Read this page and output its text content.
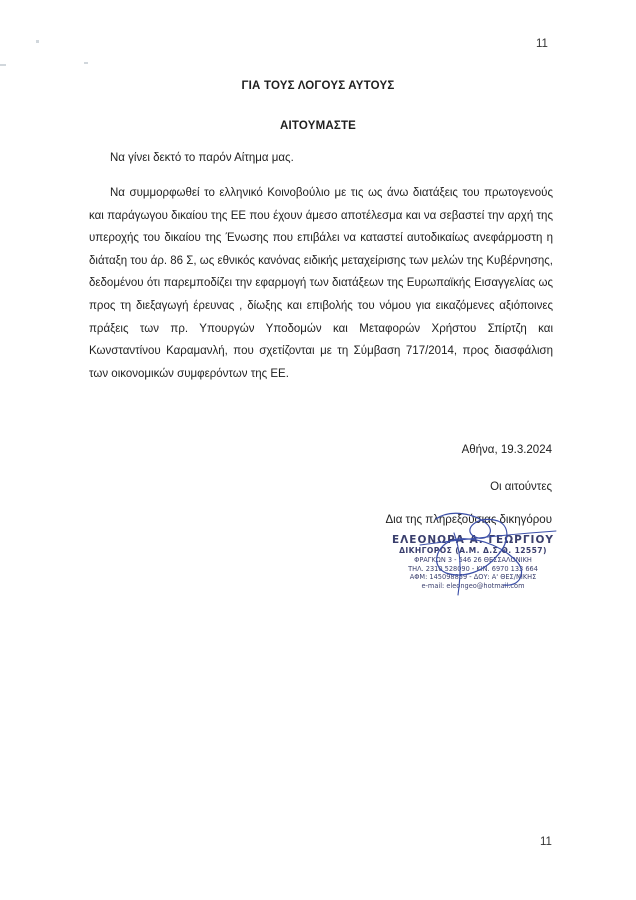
11
ΓΙΑ ΤΟΥΣ ΛΟΓΟΥΣ ΑΥΤΟΥΣ
ΑΙΤΟΥΜΑΣΤΕ
Να γίνει δεκτό το παρόν Αίτημα μας.
Να συμμορφωθεί το ελληνικό Κοινοβούλιο με τις ως άνω διατάξεις του πρωτογενούς και παράγωγου δικαίου της ΕΕ που έχουν άμεσο αποτέλεσμα και να σεβαστεί την αρχή της υπεροχής του δικαίου της Ένωσης που επιβάλει να καταστεί αυτοδικαίως ανεφάρμοστη η διάταξη του άρ. 86 Σ, ως εθνικός κανόνας ειδικής μεταχείρισης των μελών της Κυβέρνησης, δεδομένου ότι παρεμποδίζει την εφαρμογή των διατάξεων της Ευρωπαϊκής Εισαγγελίας ως προς τη διεξαγωγή έρευνας , δίωξης και επιβολής του νόμου για εικαζόμενες αξιόποινες πράξεις των πρ. Υπουργών Υποδομών και Μεταφορών Χρήστου Σπίρτζη και Κωνσταντίνου Καραμανλή, που σχετίζονται με τη Σύμβαση 717/2014, προς διασφάλιση των οικονομικών συμφερόντων της ΕΕ.
Αθήνα, 19.3.2024
Οι αιτούντες
Δια της πληρεξούσιας δικηγόρου
ΕΛΕΟΝΩΡΑ Α. ΓΕΩΡΓΙΟΥ
ΔΙΚΗΓΟΡΟΣ (Α.Μ. Δ.Σ.Θ. 12557)
ΦΡΑΓΚΩΝ 3 - 546 26 ΘΕΣΣΑΛΟΝΙΚΗ
ΤΗΛ. 2310 528090 - ΚΙΝ. 6970 133 664
ΑΦΜ: 145098859 - ΔΟΥ: Α' ΘΕΣ/ΝΙΚΗΣ
e-mail: eleongeo@hotmail.com
11
